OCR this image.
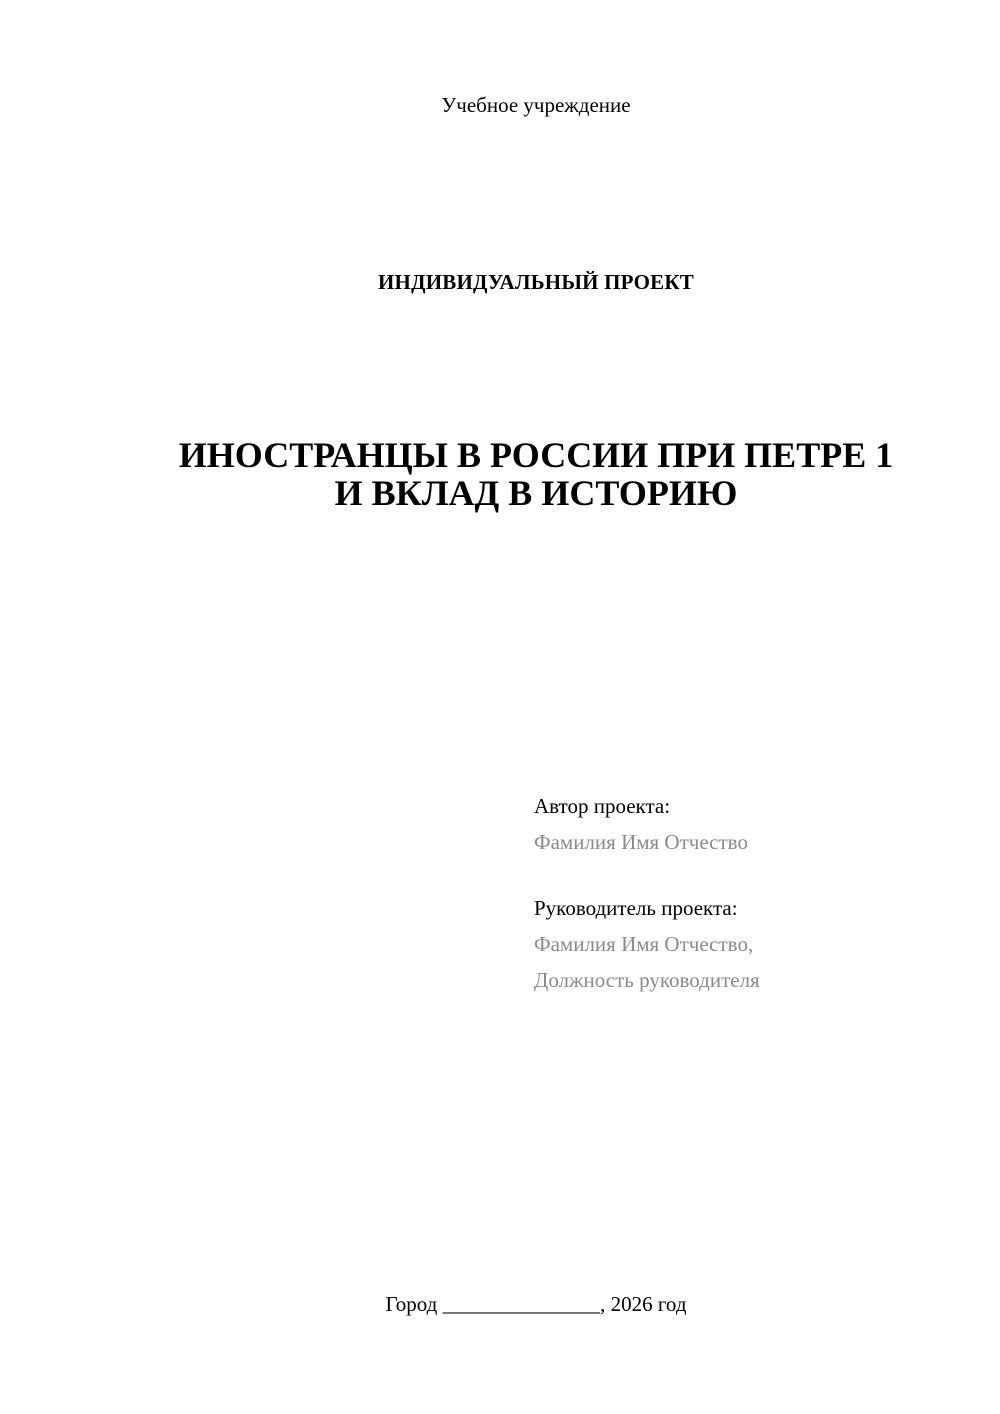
Учебное учреждение
ИНДИВИДУАЛЬНЫЙ ПРОЕКТ
ИНОСТРАНЦЫ В РОССИИ ПРИ ПЕТРЕ 1
И ВКЛАД В ИСТОРИЮ
Автор проекта:
Фамилия Имя Отчество
Руководитель проекта:
Фамилия Имя Отчество,
Должность руководителя
Город _______________, 2026 год
